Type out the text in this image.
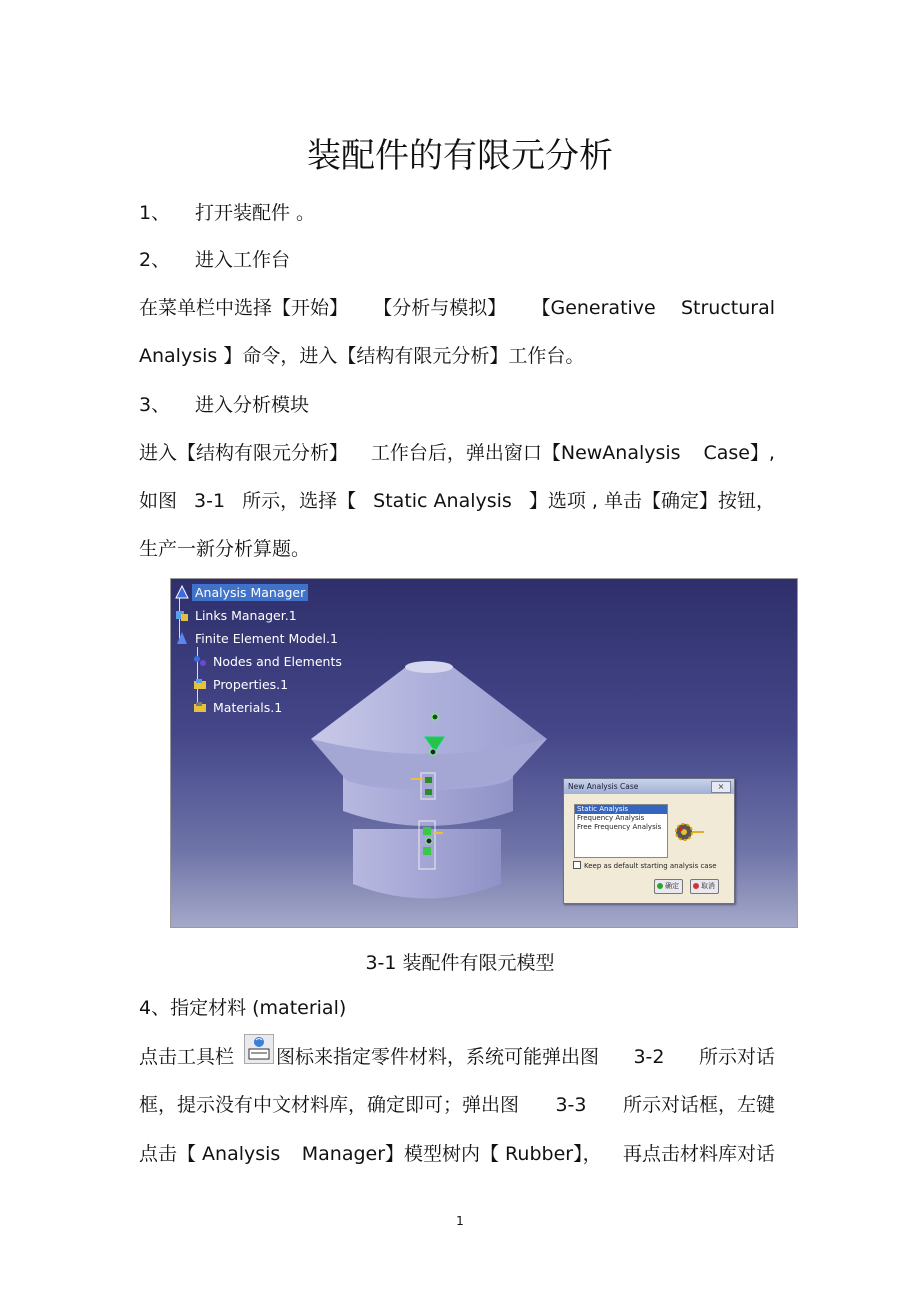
装配件的有限元分析
1、 打开装配件 。
2、 进入工作台
在菜单栏中选择【开始】 【分析与模拟】 【Generative Structural
Analysis 】命令，进入【结构有限元分析】工作台。
3、 进入分析模块
进入【结构有限元分析】 工作台后，弹出窗口【NewAnalysis Case】,
如图 3-1 所示，选择【 Static Analysis 】选项 , 单击【确定】按钮，
生产一新分析算题。
Analysis Manager
Links Manager.1
Finite Element Model.1
Nodes and Elements
Properties.1
Materials.1
New Analysis Case	×
Static Analysis
Frequency Analysis
Free Frequency Analysis
Keep as default starting analysis case
确定	取消
3-1 装配件有限元模型
4、指定材料 (material)
点击工具栏 图标来指定零件材料，系统可能弹出图 3-2 所示对话
框，提示没有中文材料库，确定即可；弹出图 3-3 所示对话框，左键
点击【 Analysis Manager】模型树内【 Rubber】， 再点击材料库对话
1
